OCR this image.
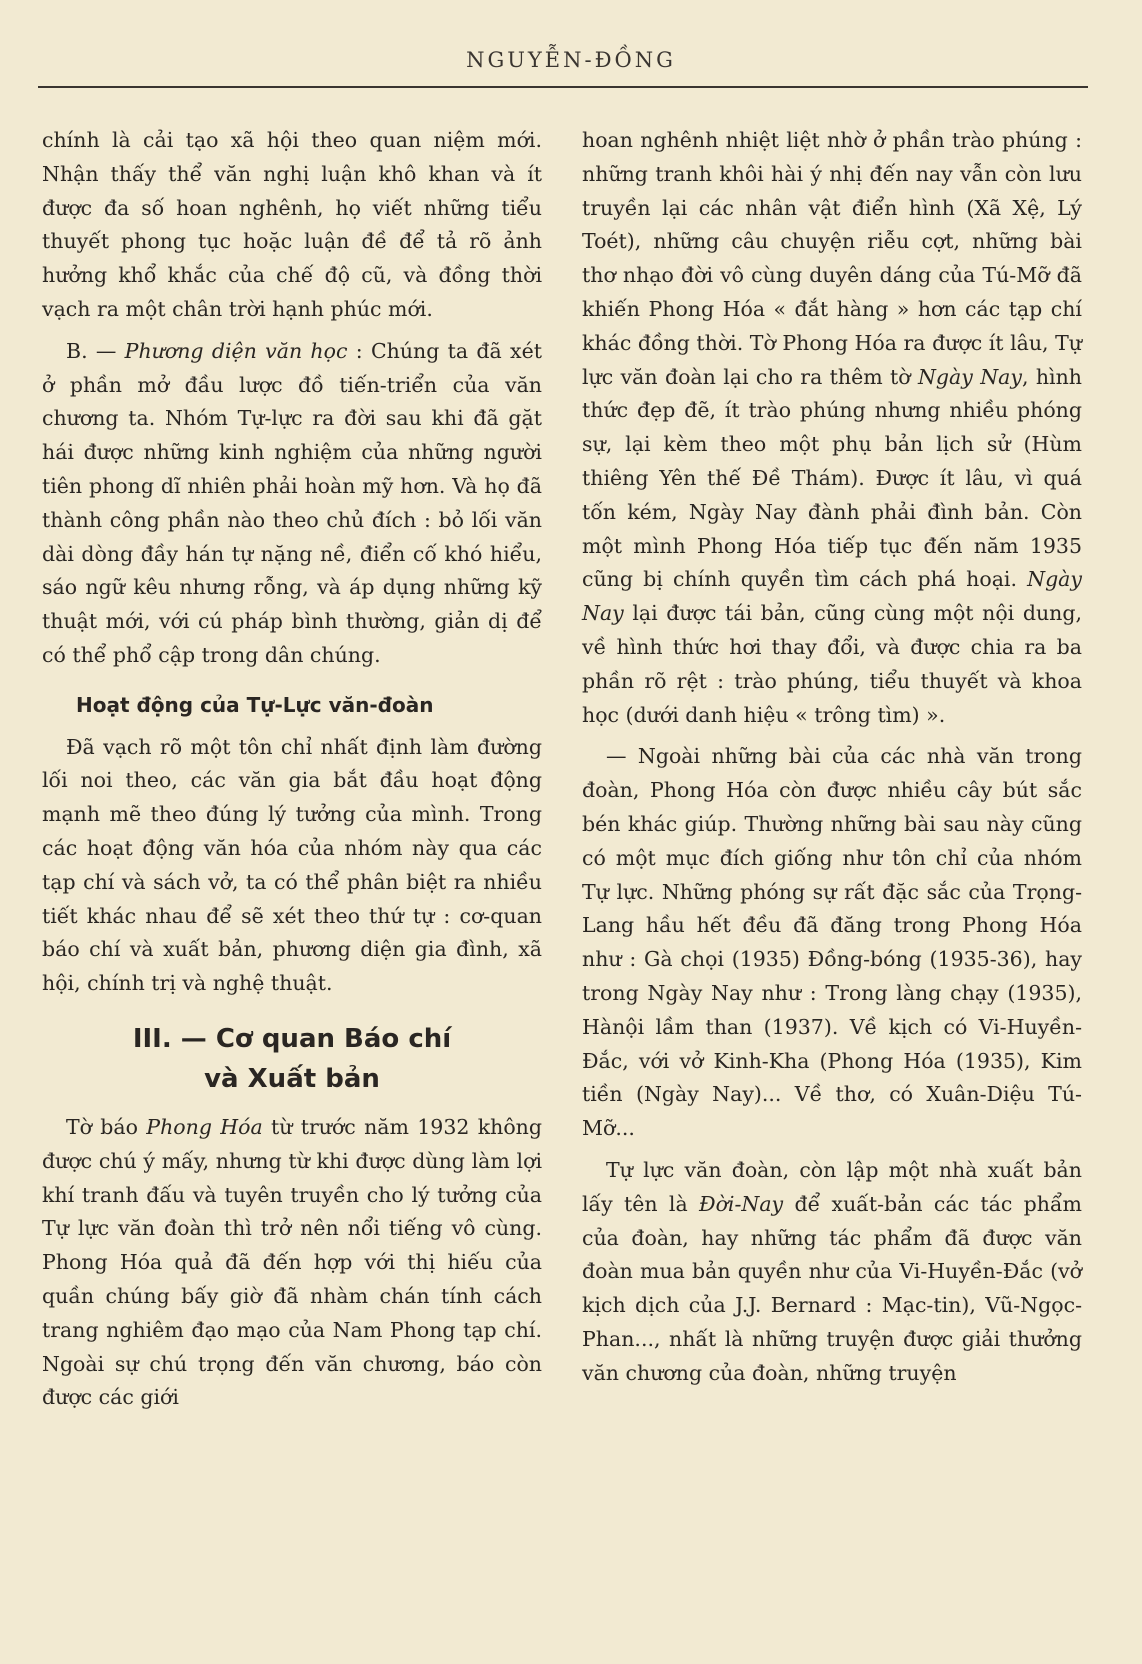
NGUYỄN-ĐỒNG

chính là cải tạo xã hội theo quan niệm mới. Nhận thấy thể văn nghị luận khô khan và ít được đa số hoan nghênh, họ viết những tiểu thuyết phong tục hoặc luận đề để tả rõ ảnh hưởng khổ khắc của chế độ cũ, và đồng thời vạch ra một chân trời hạnh phúc mới.

B. — Phương diện văn học : Chúng ta đã xét ở phần mở đầu lược đồ tiến-triển của văn chương ta. Nhóm Tự-lực ra đời sau khi đã gặt hái được những kinh nghiệm của những người tiên phong dĩ nhiên phải hoàn mỹ hơn. Và họ đã thành công phần nào theo chủ đích : bỏ lối văn dài dòng đầy hán tự nặng nề, điển cố khó hiểu, sáo ngữ kêu nhưng rỗng, và áp dụng những kỹ thuật mới, với cú pháp bình thường, giản dị để có thể phổ cập trong dân chúng.

Hoạt động của Tự-Lực văn-đoàn

Đã vạch rõ một tôn chỉ nhất định làm đường lối noi theo, các văn gia bắt đầu hoạt động mạnh mẽ theo đúng lý tưởng của mình. Trong các hoạt động văn hóa của nhóm này qua các tạp chí và sách vở, ta có thể phân biệt ra nhiều tiết khác nhau để sẽ xét theo thứ tự : cơ-quan báo chí và xuất bản, phương diện gia đình, xã hội, chính trị và nghệ thuật.

III. — Cơ quan Báo chí
và Xuất bản

Tờ báo Phong Hóa từ trước năm 1932 không được chú ý mấy, nhưng từ khi được dùng làm lợi khí tranh đấu và tuyên truyền cho lý tưởng của Tự lực văn đoàn thì trở nên nổi tiếng vô cùng. Phong Hóa quả đã đến hợp với thị hiếu của quần chúng bấy giờ đã nhàm chán tính cách trang nghiêm đạo mạo của Nam Phong tạp chí. Ngoài sự chú trọng đến văn chương, báo còn được các giới

hoan nghênh nhiệt liệt nhờ ở phần trào phúng : những tranh khôi hài ý nhị đến nay vẫn còn lưu truyền lại các nhân vật điển hình (Xã Xệ, Lý Toét), những câu chuyện riễu cợt, những bài thơ nhạo đời vô cùng duyên dáng của Tú-Mỡ đã khiến Phong Hóa « đắt hàng » hơn các tạp chí khác đồng thời. Tờ Phong Hóa ra được ít lâu, Tự lực văn đoàn lại cho ra thêm tờ Ngày Nay, hình thức đẹp đẽ, ít trào phúng nhưng nhiều phóng sự, lại kèm theo một phụ bản lịch sử (Hùm thiêng Yên thế Đề Thám). Được ít lâu, vì quá tốn kém, Ngày Nay đành phải đình bản. Còn một mình Phong Hóa tiếp tục đến năm 1935 cũng bị chính quyền tìm cách phá hoại. Ngày Nay lại được tái bản, cũng cùng một nội dung, về hình thức hơi thay đổi, và được chia ra ba phần rõ rệt : trào phúng, tiểu thuyết và khoa học (dưới danh hiệu « trông tìm) ».

— Ngoài những bài của các nhà văn trong đoàn, Phong Hóa còn được nhiều cây bút sắc bén khác giúp. Thường những bài sau này cũng có một mục đích giống như tôn chỉ của nhóm Tự lực. Những phóng sự rất đặc sắc của Trọng-Lang hầu hết đều đã đăng trong Phong Hóa như : Gà chọi (1935) Đồng-bóng (1935-36), hay trong Ngày Nay như : Trong làng chạy (1935), Hànội lầm than (1937). Về kịch có Vi-Huyền-Đắc, với vở Kinh-Kha (Phong Hóa (1935), Kim tiền (Ngày Nay)... Về thơ, có Xuân-Diệu Tú-Mỡ...

Tự lực văn đoàn, còn lập một nhà xuất bản lấy tên là Đời-Nay để xuất-bản các tác phẩm của đoàn, hay những tác phẩm đã được văn đoàn mua bản quyền như của Vi-Huyền-Đắc (vở kịch dịch của J.J. Bernard : Mạc-tin), Vũ-Ngọc-Phan..., nhất là những truyện được giải thưởng văn chương của đoàn, những truyện
